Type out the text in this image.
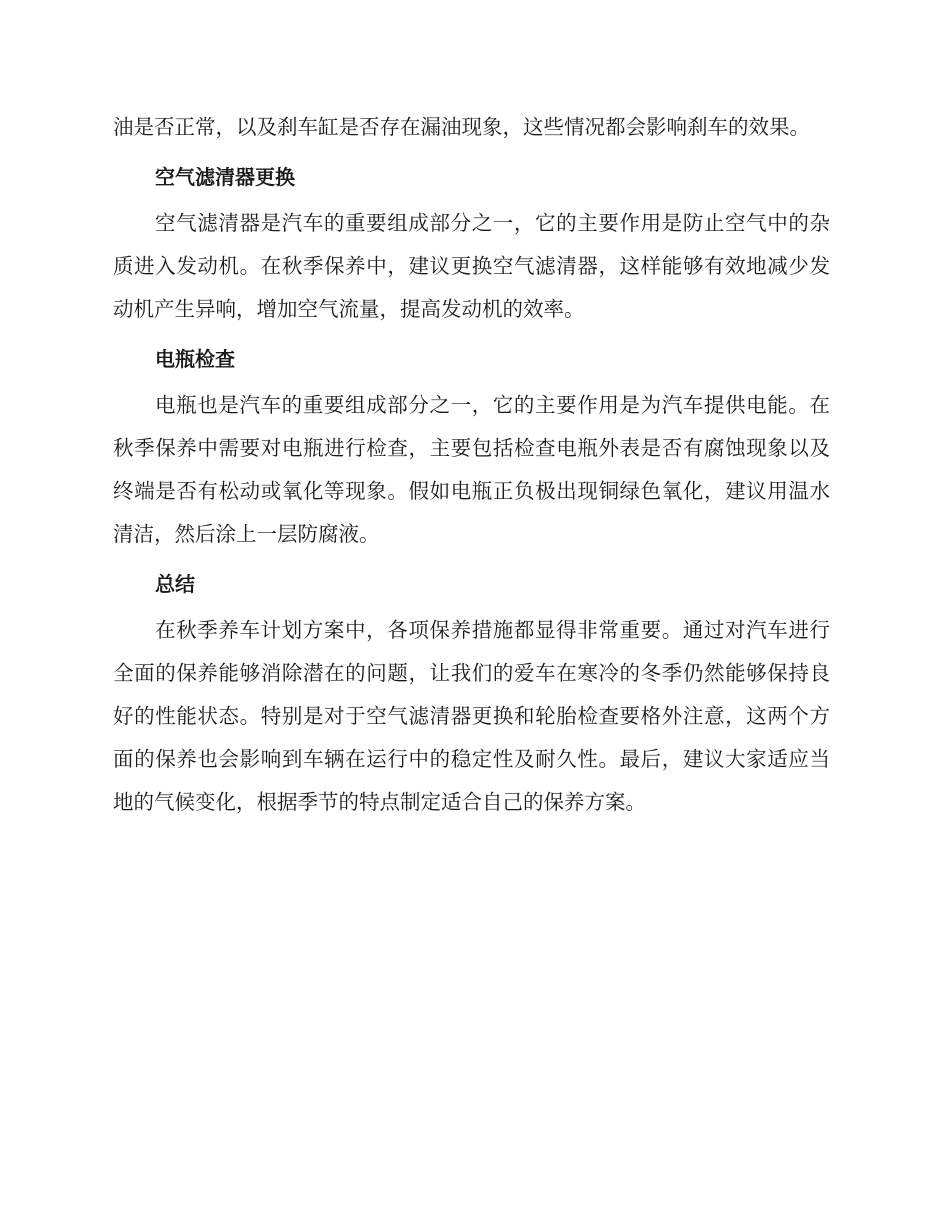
油是否正常，以及刹车缸是否存在漏油现象，这些情况都会影响刹车的效果。

空气滤清器更换

空气滤清器是汽车的重要组成部分之一，它的主要作用是防止空气中的杂质进入发动机。在秋季保养中，建议更换空气滤清器，这样能够有效地减少发动机产生异响，增加空气流量，提高发动机的效率。

电瓶检查

电瓶也是汽车的重要组成部分之一，它的主要作用是为汽车提供电能。在秋季保养中需要对电瓶进行检查，主要包括检查电瓶外表是否有腐蚀现象以及终端是否有松动或氧化等现象。假如电瓶正负极出现铜绿色氧化，建议用温水清洁，然后涂上一层防腐液。

总结

在秋季养车计划方案中，各项保养措施都显得非常重要。通过对汽车进行全面的保养能够消除潜在的问题，让我们的爱车在寒冷的冬季仍然能够保持良好的性能状态。特别是对于空气滤清器更换和轮胎检查要格外注意，这两个方面的保养也会影响到车辆在运行中的稳定性及耐久性。最后，建议大家适应当地的气候变化，根据季节的特点制定适合自己的保养方案。
